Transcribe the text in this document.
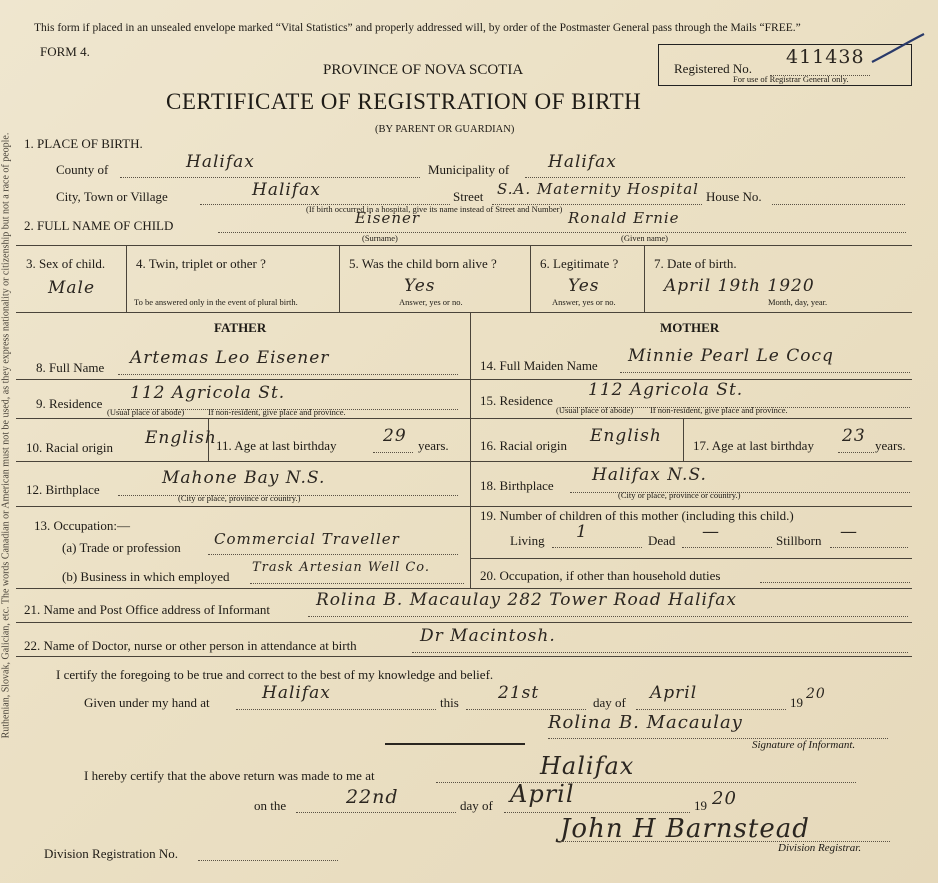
Ruthenian, Slovak, Galician, etc. The words Canadian or American must not be used, as they express nationality or citizenship but not a race of people.
This form if placed in an unsealed envelope marked “Vital Statistics” and properly addressed will, by order of the Postmaster General pass through the Mails “FREE.”
FORM 4.
PROVINCE OF NOVA SCOTIA
CERTIFICATE OF REGISTRATION OF BIRTH
(BY PARENT OR GUARDIAN)
Registered No.
411438
For use of Registrar General only.
1. PLACE OF BIRTH.
County of	Halifax	Municipality of Halifax
City, Town or Village	Halifax	Street S.A. Maternity Hospital House No.
(If birth occurred in a hospital, give its name instead of Street and Number)
2. FULL NAME OF CHILD	Eisener	Ronald Ernie
(Surname)	(Given name)
3. Sex of child.
Male
4. Twin, triplet or other ?
To be answered only in the event of plural birth.
5. Was the child born alive ?
Yes
Answer, yes or no.
6. Legitimate ?
Yes
Answer, yes or no.
7. Date of birth.
April 19th 1920
Month, day, year.
FATHER	MOTHER
8. Full Name Artemas Leo Eisener
9. Residence
112 Agricola St.
(Usual place of abode)	If non-resident, give place and province.
10. Racial origin English 11. Age at last birthday	29 years.
12. Birthplace
Mahone Bay N.S.
(City or place, province or country.)
13. Occupation:—
(a) Trade or profession Commercial Traveller
(b) Business in which employed
Trask Artesian Well Co.
14. Full Maiden Name Minnie Pearl Le Cocq
15. Residence
112 Agricola St.
(Usual place of abode) If non-resident, give place and province.
16. Racial origin English 17. Age at last birthday 23 years.
18. Birthplace
Halifax N.S.
(City or place, province or country.)
19. Number of children of this mother (including this child.)
Living 1	Dead —	Stillborn —
20. Occupation, if other than household duties
21. Name and Post Office address of Informant	Rolina B. Macaulay 282 Tower Road Halifax
22. Name of Doctor, nurse or other person in attendance at birth	Dr Macintosh.
I certify the foregoing to be true and correct to the best of my knowledge and belief.
Given under my hand at	Halifax	this 21st	day of April	19
20
Rolina B. Macaulay
Signature of Informant.
I hereby certify that the above return was made to me at	Halifax
on the	22nd	day of April	19 20
Division Registration No.
John H Barnstead
Division Registrar.
